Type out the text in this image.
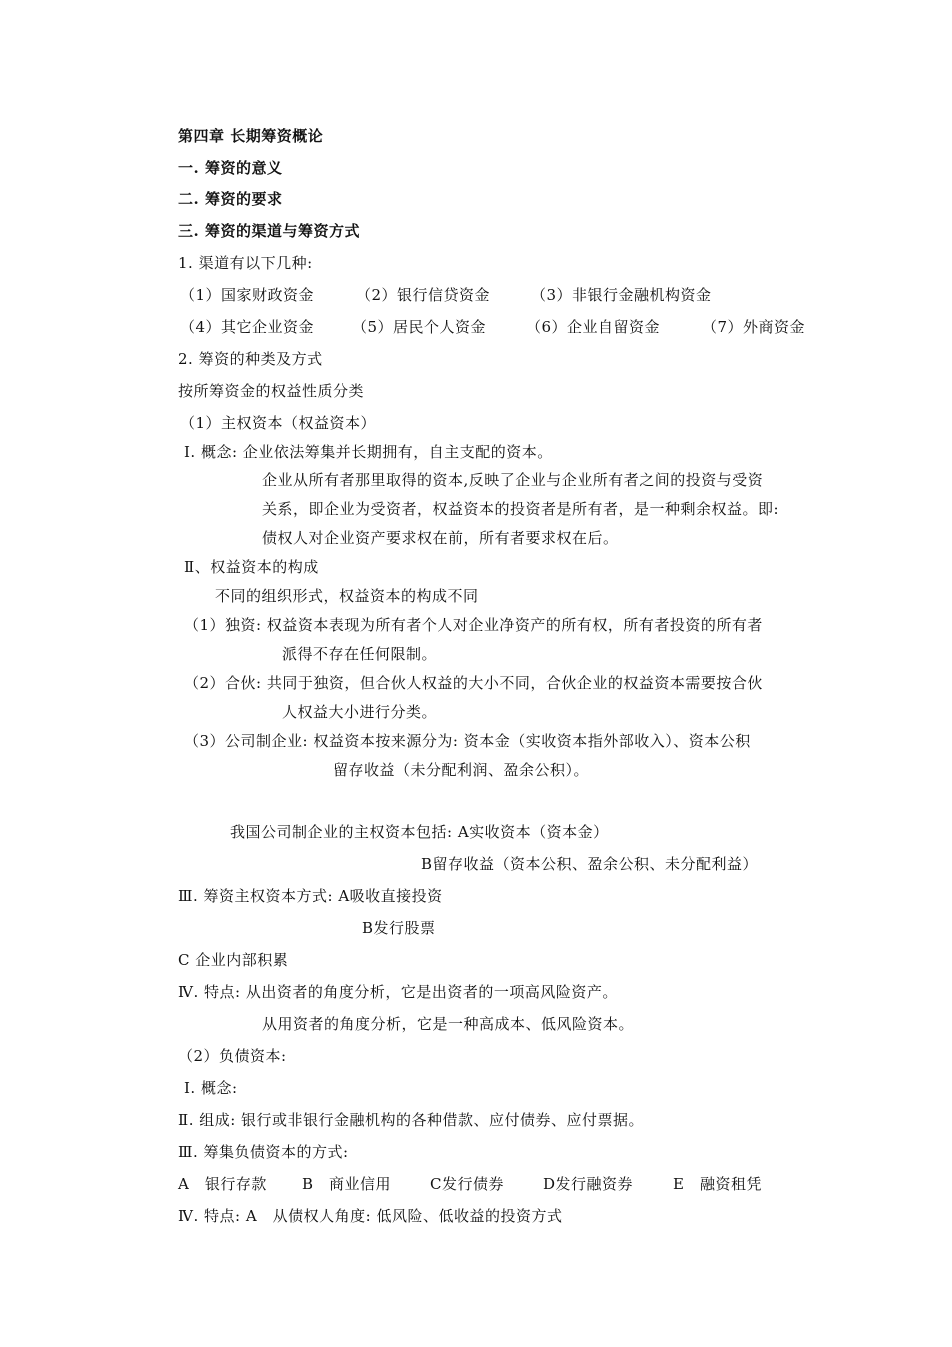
第四章 长期筹资概论
一. 筹资的意义
二. 筹资的要求
三. 筹资的渠道与筹资方式
1. 渠道有以下几种:
（1）国家财政资金	（2）银行信贷资金	（3）非银行金融机构资金
（4）其它企业资金	（5）居民个人资金	（6）企业自留资金	（7）外商资金
2. 筹资的种类及方式
按所筹资金的权益性质分类
（1）主权资本（权益资本）
Ⅰ. 概念: 企业依法筹集并长期拥有，自主支配的资本。
企业从所有者那里取得的资本,反映了企业与企业所有者之间的投资与受资
关系，即企业为受资者，权益资本的投资者是所有者，是一种剩余权益。即:
债权人对企业资产要求权在前，所有者要求权在后。
Ⅱ、权益资本的构成
不同的组织形式，权益资本的构成不同
（1）独资: 权益资本表现为所有者个人对企业净资产的所有权，所有者投资的所有者
派得不存在任何限制。
（2）合伙: 共同于独资，但合伙人权益的大小不同，合伙企业的权益资本需要按合伙
人权益大小进行分类。
（3）公司制企业: 权益资本按来源分为: 资本金（实收资本指外部收入）、资本公积
留存收益（未分配利润、盈余公积）。
我国公司制企业的主权资本包括: A实收资本（资本金）
B留存收益（资本公积、盈余公积、未分配利益）
Ⅲ. 筹资主权资本方式: A吸收直接投资
B发行股票
C 企业内部积累
Ⅳ. 特点: 从出资者的角度分析，它是出资者的一项高风险资产。
从用资者的角度分析，它是一种高成本、低风险资本。
（2）负债资本:
Ⅰ. 概念:
Ⅱ. 组成: 银行或非银行金融机构的各种借款、应付债券、应付票据。
Ⅲ. 筹集负债资本的方式:
A　银行存款 B　商业信用	C发行债券	D发行融资券	E　融资租凭
Ⅳ. 特点: A　从债权人角度: 低风险、低收益的投资方式
